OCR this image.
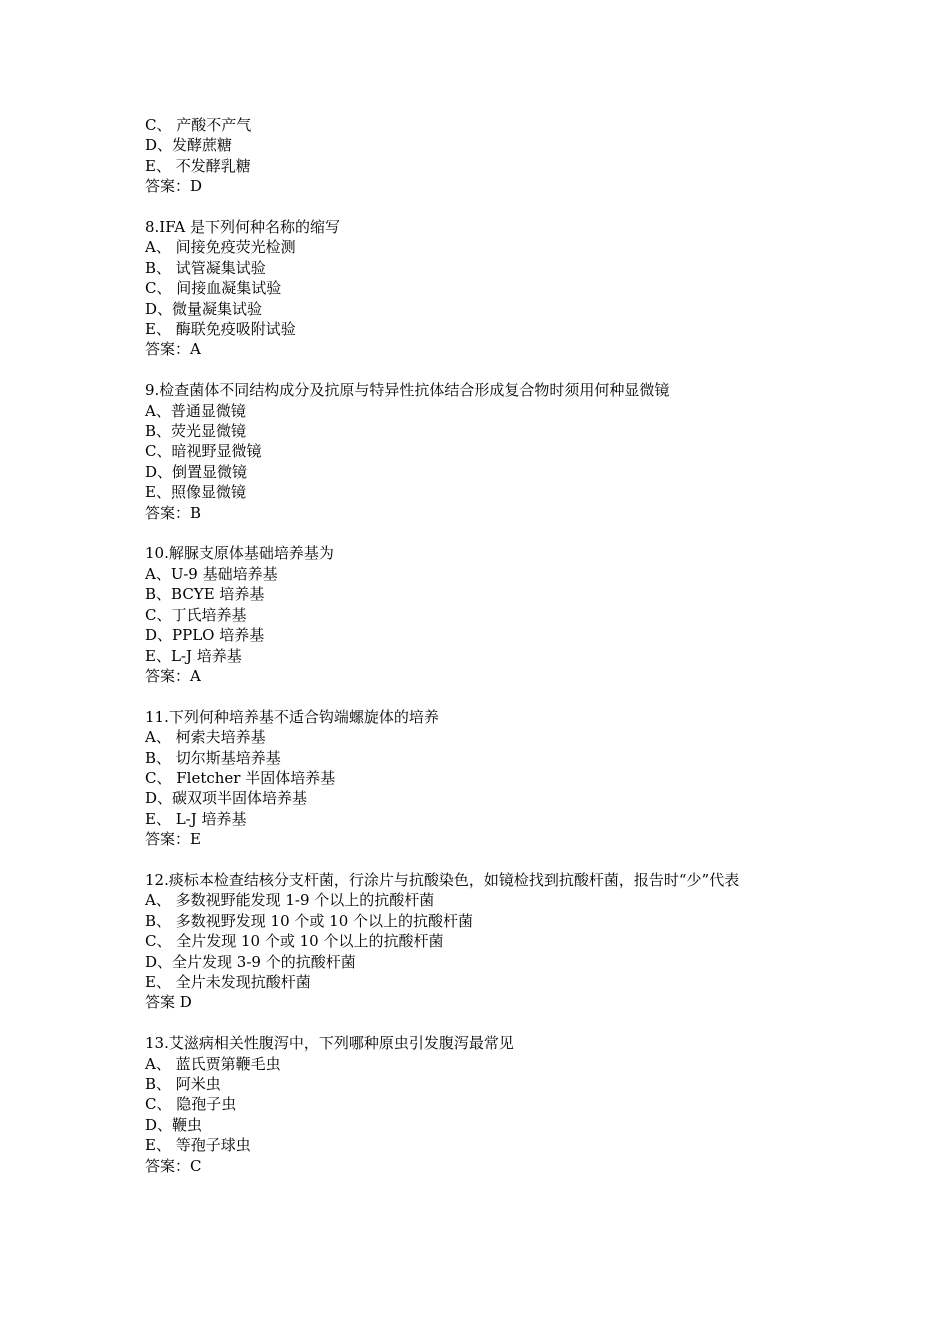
C、 产酸不产气
D、发酵蔗糖
E、 不发酵乳糖
答案：D
8.IFA 是下列何种名称的缩写
A、 间接免疫荧光检测
B、 试管凝集试验
C、 间接血凝集试验
D、微量凝集试验
E、 酶联免疫吸附试验
答案：A
9.检查菌体不同结构成分及抗原与特异性抗体结合形成复合物时须用何种显微镜
A、普通显微镜
B、荧光显微镜
C、暗视野显微镜
D、倒置显微镜
E、照像显微镜
答案：B
10.解脲支原体基础培养基为
A、U-9 基础培养基
B、BCYE 培养基
C、丁氏培养基
D、PPLO 培养基
E、L-J 培养基
答案：A
11.下列何种培养基不适合钩端螺旋体的培养
A、 柯索夫培养基
B、 切尔斯基培养基
C、 Fletcher 半固体培养基
D、碳双项半固体培养基
E、 L-J 培养基
答案：E
12.痰标本检查结核分支杆菌，行涂片与抗酸染色，如镜检找到抗酸杆菌，报告时“少”代表
A、 多数视野能发现 1-9 个以上的抗酸杆菌
B、 多数视野发现 10 个或 10 个以上的抗酸杆菌
C、 全片发现 10 个或 10 个以上的抗酸杆菌
D、全片发现 3-9 个的抗酸杆菌
E、 全片未发现抗酸杆菌
答案 D
13.艾滋病相关性腹泻中，下列哪种原虫引发腹泻最常见
A、 蓝氏贾第鞭毛虫
B、 阿米虫
C、 隐孢子虫
D、鞭虫
E、 等孢子球虫
答案：C
